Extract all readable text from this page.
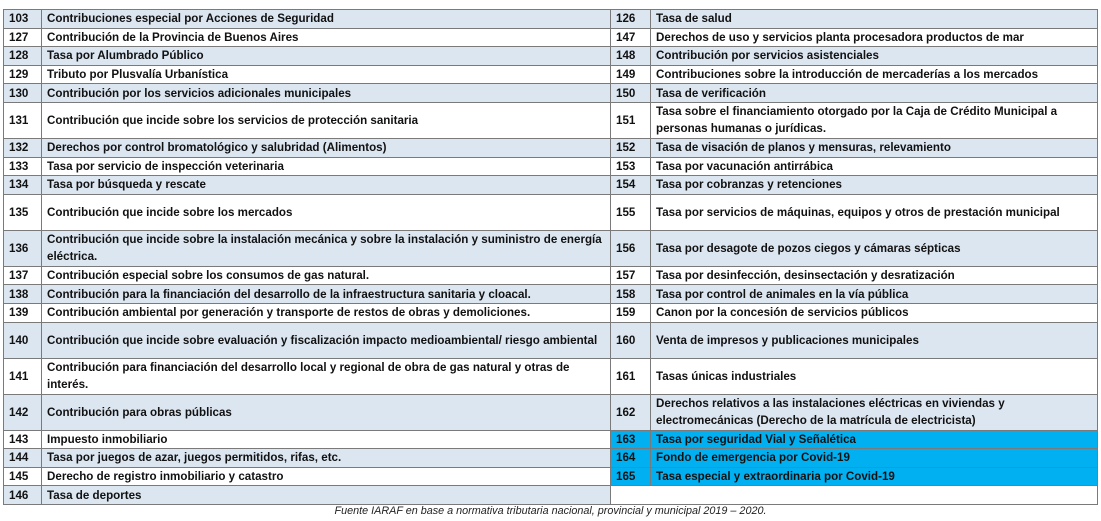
103	Contribuciones especial por Acciones de Seguridad	126	Tasa de salud
127	Contribución de la Provincia de Buenos Aires	147	Derechos de uso y servicios planta procesadora productos de mar
128	Tasa por Alumbrado Público	148	Contribución por servicios asistenciales
129	Tributo por Plusvalía Urbanística	149	Contribuciones sobre la introducción de mercaderías a los mercados
130	Contribución por los servicios adicionales municipales	150	Tasa de verificación
131	Contribución que incide sobre los servicios de protección sanitaria	151	Tasa sobre el financiamiento otorgado por la Caja de Crédito Municipal a personas humanas o jurídicas.
132	Derechos por control bromatológico y salubridad (Alimentos)	152	Tasa de visación de planos y mensuras, relevamiento
133	Tasa por servicio de inspección veterinaria	153	Tasa por vacunación antirrábica
134	Tasa por búsqueda y rescate	154	Tasa por cobranzas y retenciones
135	Contribución que incide sobre los mercados	155	Tasa por servicios de máquinas, equipos y otros de prestación municipal
136	Contribución que incide sobre la instalación mecánica y sobre la instalación y suministro de energía eléctrica.	156	Tasa por desagote de pozos ciegos y cámaras sépticas
137	Contribución especial sobre los consumos de gas natural.	157	Tasa por desinfección, desinsectación y desratización
138	Contribución para la financiación del desarrollo de la infraestructura sanitaria y cloacal.	158	Tasa por control de animales en la vía pública
139	Contribución ambiental por generación y transporte de restos de obras y demoliciones.	159	Canon por la concesión de servicios públicos
140	Contribución que incide sobre evaluación y fiscalización impacto medioambiental/ riesgo ambiental	160	Venta de impresos y publicaciones municipales
141	Contribución para financiación del desarrollo local y regional de obra de gas natural y otras de interés.	161	Tasas únicas industriales
142	Contribución para obras públicas	162	Derechos relativos a las instalaciones eléctricas en viviendas y electromecánicas (Derecho de la matrícula de electricista)
143	Impuesto inmobiliario	163	Tasa por seguridad Vial y Señalética
144	Tasa por juegos de azar, juegos permitidos, rifas, etc.	164	Fondo de emergencia por Covid-19
145	Derecho de registro inmobiliario y catastro	165	Tasa especial y extraordinaria por Covid-19
146	Tasa de deportes		
Fuente IARAF en base a normativa tributaria nacional, provincial y municipal 2019 – 2020.
